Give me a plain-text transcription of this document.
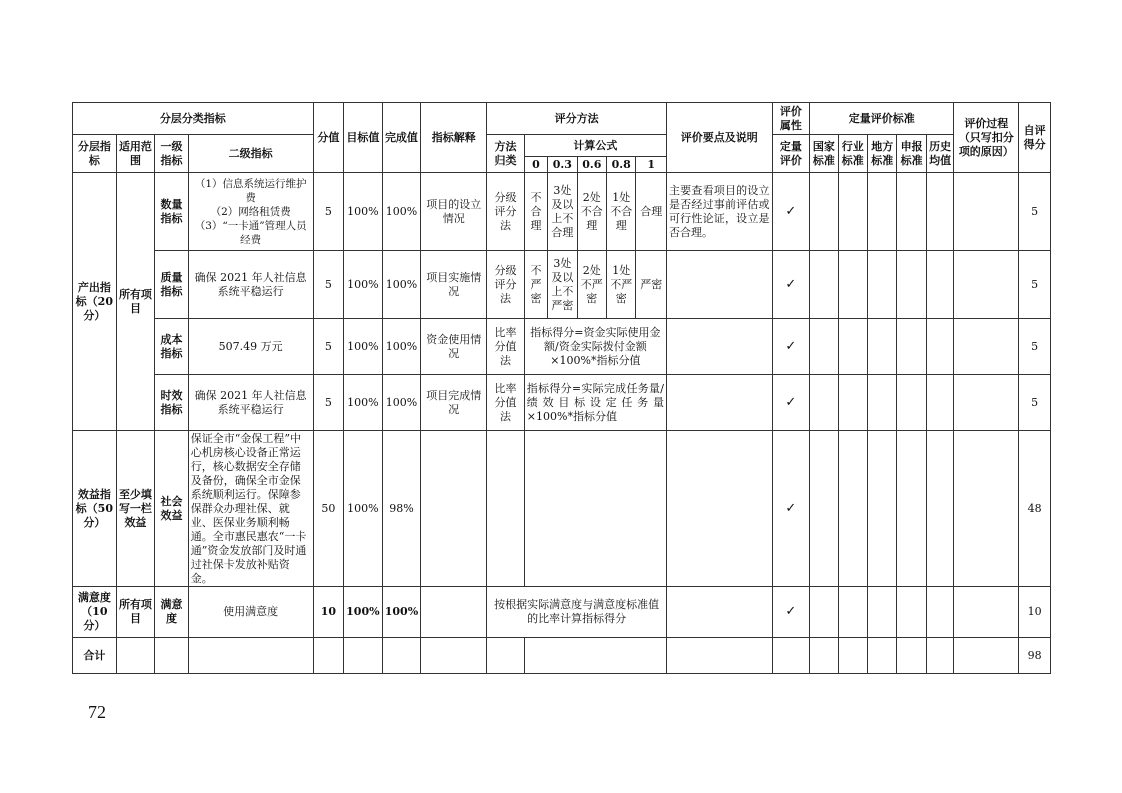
分层分类指标				分值	目标值	完成值	指标解释	评分方法						评价要点及说明	评价属性	定量评价标准					评价过程（只写扣分项的原因）	自评得分
分层指标	适用范围	一级指标	二级指标					方法归类	计算公式						定量评价	国家标准	行业标准	地方标准	申报标准	历史均值		
									0	0.3	0.6	0.8	1									
产出指标（20分）	所有项目	数量指标	（1）信息系统运行维护费
（2）网络租赁费
（3）“一卡通”管理人员经费	5	100%	100%	项目的设立情况	分级评分法	不合理	3处及以上不合理	2处不合理	1处不合理	合理	主要查看项目的设立是否经过事前评估或可行性论证，设立是否合理。	✓							5
		质量指标	确保 2021 年人社信息系统平稳运行	5	100%	100%	项目实施情况	分级评分法	不严密	3处及以上不严密	2处不严密	1处不严密	严密		✓							5
		成本指标	507.49 万元	5	100%	100%	资金使用情况	比率分值法	指标得分=资金实际使用金额/资金实际拨付金额×100%*指标分值						✓							5
		时效指标	确保 2021 年人社信息系统平稳运行	5	100%	100%	项目完成情况	比率分值法	指标得分=实际完成任务量/绩效目标设定任务量×100%*指标分值						✓							5
效益指标（50分）	至少填写一栏效益	社会效益	保证全市“金保工程”中心机房核心设备正常运行，核心数据安全存储及备份，确保全市金保系统顺利运行。保障参保群众办理社保、就业、医保业务顺利畅通。全市惠民惠农“一卡通”资金发放部门及时通过社保卡发放补贴资金。	50	100%	98%									✓							48
满意度（10分）	所有项目	满意度	使用满意度	10	100%	100%		按根据实际满意度与满意度标准值的比率计算指标得分							✓							10
合计																						98
72
